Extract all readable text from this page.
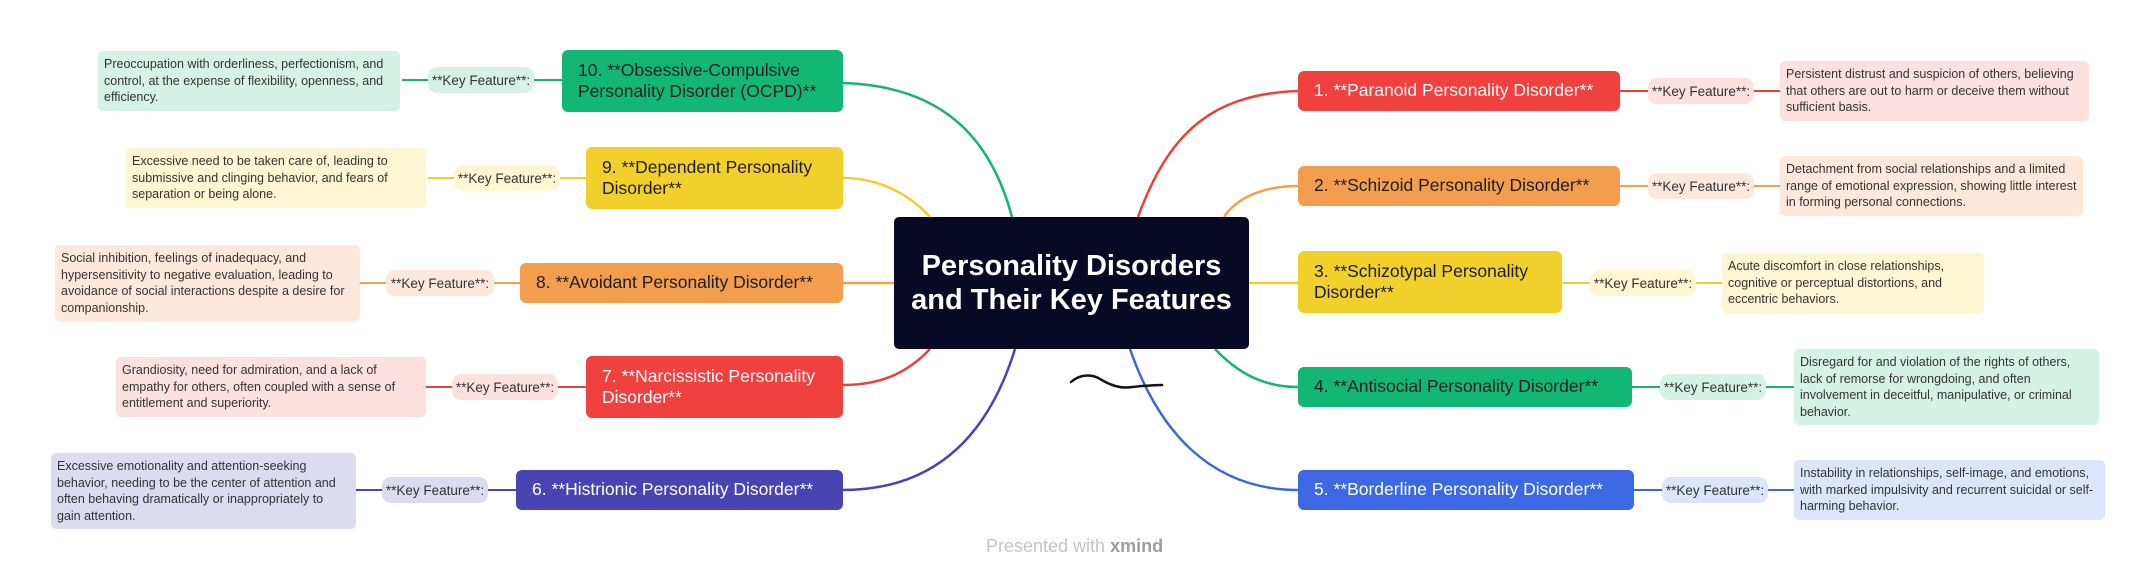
Personality Disorders and Their Key Features
1. **Paranoid Personality Disorder**	**Key Feature**:
Persistent distrust and suspicion of others, believing that others are out to harm or deceive them without sufficient basis.
2. **Schizoid Personality Disorder**	**Key Feature**:
Detachment from social relationships and a limited range of emotional expression, showing little interest in forming personal connections.
3. **Schizotypal Personality Disorder**	**Key Feature**:
Acute discomfort in close relationships, cognitive or perceptual distortions, and eccentric behaviors.
4. **Antisocial Personality Disorder**	**Key Feature**:
Disregard for and violation of the rights of others, lack of remorse for wrongdoing, and often involvement in deceitful, manipulative, or criminal behavior.
5. **Borderline Personality Disorder**	**Key Feature**:
Instability in relationships, self-image, and emotions, with marked impulsivity and recurrent suicidal or self-harming behavior.
6. **Histrionic Personality Disorder**
**Key Feature**:
Excessive emotionality and attention-seeking behavior, needing to be the center of attention and often behaving dramatically or inappropriately to gain attention.
7. **Narcissistic Personality Disorder**
**Key Feature**:
Grandiosity, need for admiration, and a lack of empathy for others, often coupled with a sense of entitlement and superiority.
8. **Avoidant Personality Disorder**
**Key Feature**:
Social inhibition, feelings of inadequacy, and hypersensitivity to negative evaluation, leading to avoidance of social interactions despite a desire for companionship.
9. **Dependent Personality Disorder**
**Key Feature**:
Excessive need to be taken care of, leading to submissive and clinging behavior, and fears of separation or being alone.
10. **Obsessive-Compulsive Personality Disorder (OCPD)**
**Key Feature**:
Preoccupation with orderliness, perfectionism, and control, at the expense of flexibility, openness, and efficiency.
Presented with xmind
